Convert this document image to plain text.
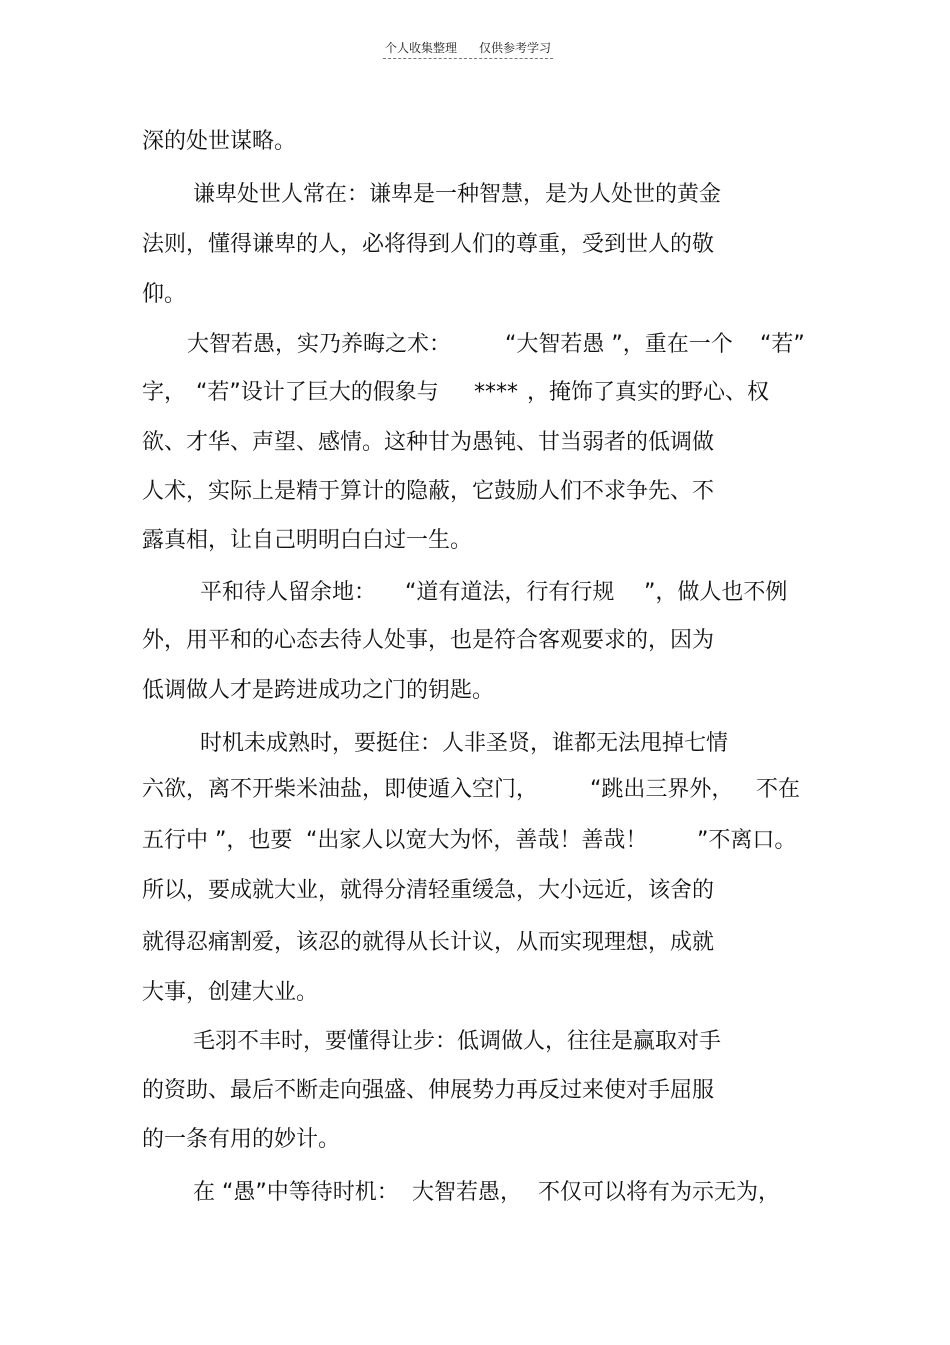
个人收集整理 仅供参考学习
深的处世谋略。
谦卑处世人常在：谦卑是一种智慧，是为人处世的黄金
法则，懂得谦卑的人，必将得到人们的尊重，受到世人的敬
仰。
大智若愚，实乃养晦之术： “大智若愚 ”，重在一个 “若”
字， “若”设计了巨大的假象与 **** ，掩饰了真实的野心、权
欲、才华、声望、感情。这种甘为愚钝、甘当弱者的低调做
人术，实际上是精于算计的隐蔽，它鼓励人们不求争先、不
露真相，让自己明明白白过一生。
平和待人留余地： “道有道法，行有行规 ”，做人也不例
外，用平和的心态去待人处事，也是符合客观要求的，因为
低调做人才是跨进成功之门的钥匙。
时机未成熟时，要挺住：人非圣贤，谁都无法甩掉七情
六欲，离不开柴米油盐，即使遁入空门， “跳出三界外， 不在
五行中 ”，也要 “出家人以宽大为怀，善哉！善哉！ ”不离口。
所以，要成就大业，就得分清轻重缓急，大小远近，该舍的
就得忍痛割爱，该忍的就得从长计议，从而实现理想，成就
大事，创建大业。
毛羽不丰时，要懂得让步：低调做人，往往是赢取对手
的资助、最后不断走向强盛、伸展势力再反过来使对手屈服
的一条有用的妙计。
在 “愚”中等待时机： 大智若愚， 不仅可以将有为示无为，
